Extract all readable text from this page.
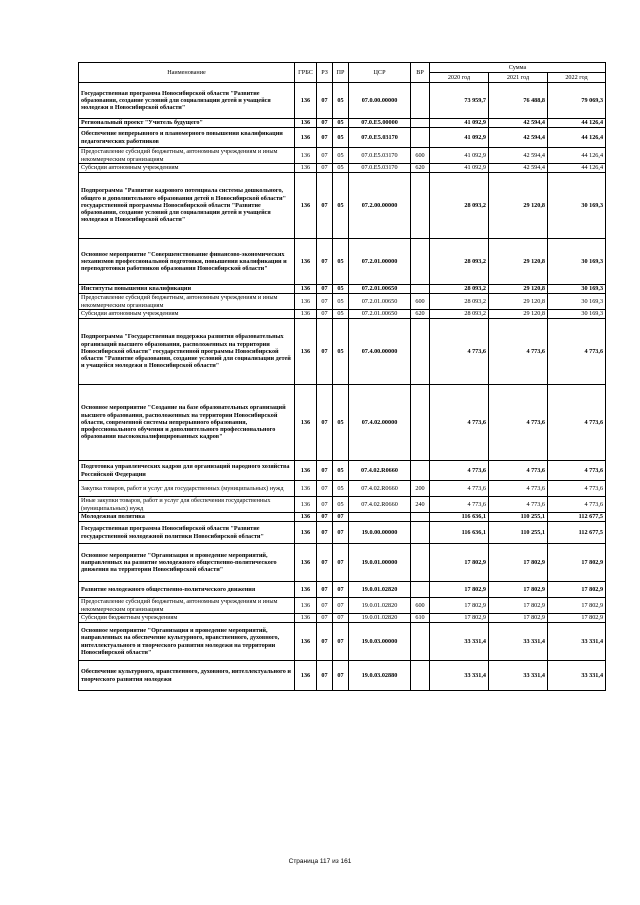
Наименование	ГРБС	РЗ	ПР	ЦСР	ВР	Сумма		
						2020 год	2021 год	2022 год
Государственная программа Новосибирской области "Развитие образования, создание условий для социализации детей и учащейся молодежи в Новосибирской области"	136	07	05	07.0.00.00000		73 959,7	76 488,8	79 069,3
Региональный проект "Учитель будущего"	136	07	05	07.0.E5.00000		41 092,9	42 594,4	44 126,4
Обеспечение непрерывного и планомерного повышения квалификации педагогических работников	136	07	05	07.0.E5.03170		41 092,9	42 594,4	44 126,4
Предоставление субсидий бюджетным, автономным учреждениям и иным некоммерческим организациям	136	07	05	07.0.E5.03170	600	41 092,9	42 594,4	44 126,4
Субсидии автономным учреждениям	136	07	05	07.0.E5.03170	620	41 092,9	42 594,4	44 126,4
Подпрограмма "Развитие кадрового потенциала системы дошкольного, общего и дополнительного образования детей в Новосибирской области" государственной программы Новосибирской области "Развитие образования, создание условий для социализации детей и учащейся молодежи в Новосибирской области"	136	07	05	07.2.00.00000		28 093,2	29 120,8	30 169,3
Основное мероприятие "Совершенствование финансово-экономических механизмов профессиональной подготовки, повышения квалификации и переподготовки работников образования Новосибирской области"	136	07	05	07.2.01.00000		28 093,2	29 120,8	30 169,3
Институты повышения квалификации	136	07	05	07.2.01.00650		28 093,2	29 120,8	30 169,3
Предоставление субсидий бюджетным, автономным учреждениям и иным некоммерческим организациям	136	07	05	07.2.01.00650	600	28 093,2	29 120,8	30 169,3
Субсидии автономным учреждениям	136	07	05	07.2.01.00650	620	28 093,2	29 120,8	30 169,3
Подпрограмма "Государственная поддержка развития образовательных организаций высшего образования, расположенных на территории Новосибирской области" государственной программы Новосибирской области "Развитие образования, создание условий для социализации детей и учащейся молодежи в Новосибирской области"	136	07	05	07.4.00.00000		4 773,6	4 773,6	4 773,6
Основное мероприятие "Создание на базе образовательных организаций высшего образования, расположенных на территории Новосибирской области, современной системы непрерывного образования, профессионального обучения и дополнительного профессионального образования высококвалифицированных кадров"	136	07	05	07.4.02.00000		4 773,6	4 773,6	4 773,6
Подготовка управленческих кадров для организаций народного хозяйства Российской Федерации	136	07	05	07.4.02.R0660		4 773,6	4 773,6	4 773,6
Закупка товаров, работ и услуг для государственных (муниципальных) нужд	136	07	05	07.4.02.R0660	200	4 773,6	4 773,6	4 773,6
Иные закупки товаров, работ и услуг для обеспечения государственных (муниципальных) нужд	136	07	05	07.4.02.R0660	240	4 773,6	4 773,6	4 773,6
Молодежная политика	136	07	07			116 636,1	110 255,1	112 677,5
Государственная программа Новосибирской области "Развитие государственной молодежной политики Новосибирской области"	136	07	07	19.0.00.00000		116 636,1	110 255,1	112 677,5
Основное мероприятие "Организация и проведение мероприятий, направленных на развитие молодежного общественно-политического движения на территории Новосибирской области"	136	07	07	19.0.01.00000		17 802,9	17 802,9	17 802,9
Развитие молодежного общественно-политического движения	136	07	07	19.0.01.02820		17 802,9	17 802,9	17 802,9
Предоставление субсидий бюджетным, автономным учреждениям и иным некоммерческим организациям	136	07	07	19.0.01.02820	600	17 802,9	17 802,9	17 802,9
Субсидии бюджетным учреждениям	136	07	07	19.0.01.02820	610	17 802,9	17 802,9	17 802,9
Основное мероприятие "Организация и проведение мероприятий, направленных на обеспечение культурного, нравственного, духовного, интеллектуального и творческого развития молодежи на территории Новосибирской области"	136	07	07	19.0.03.00000		33 331,4	33 331,4	33 331,4
Обеспечение культурного, нравственного, духовного, интеллектуального и творческого развития молодежи	136	07	07	19.0.03.02880		33 331,4	33 331,4	33 331,4
Страница 117 из 161
